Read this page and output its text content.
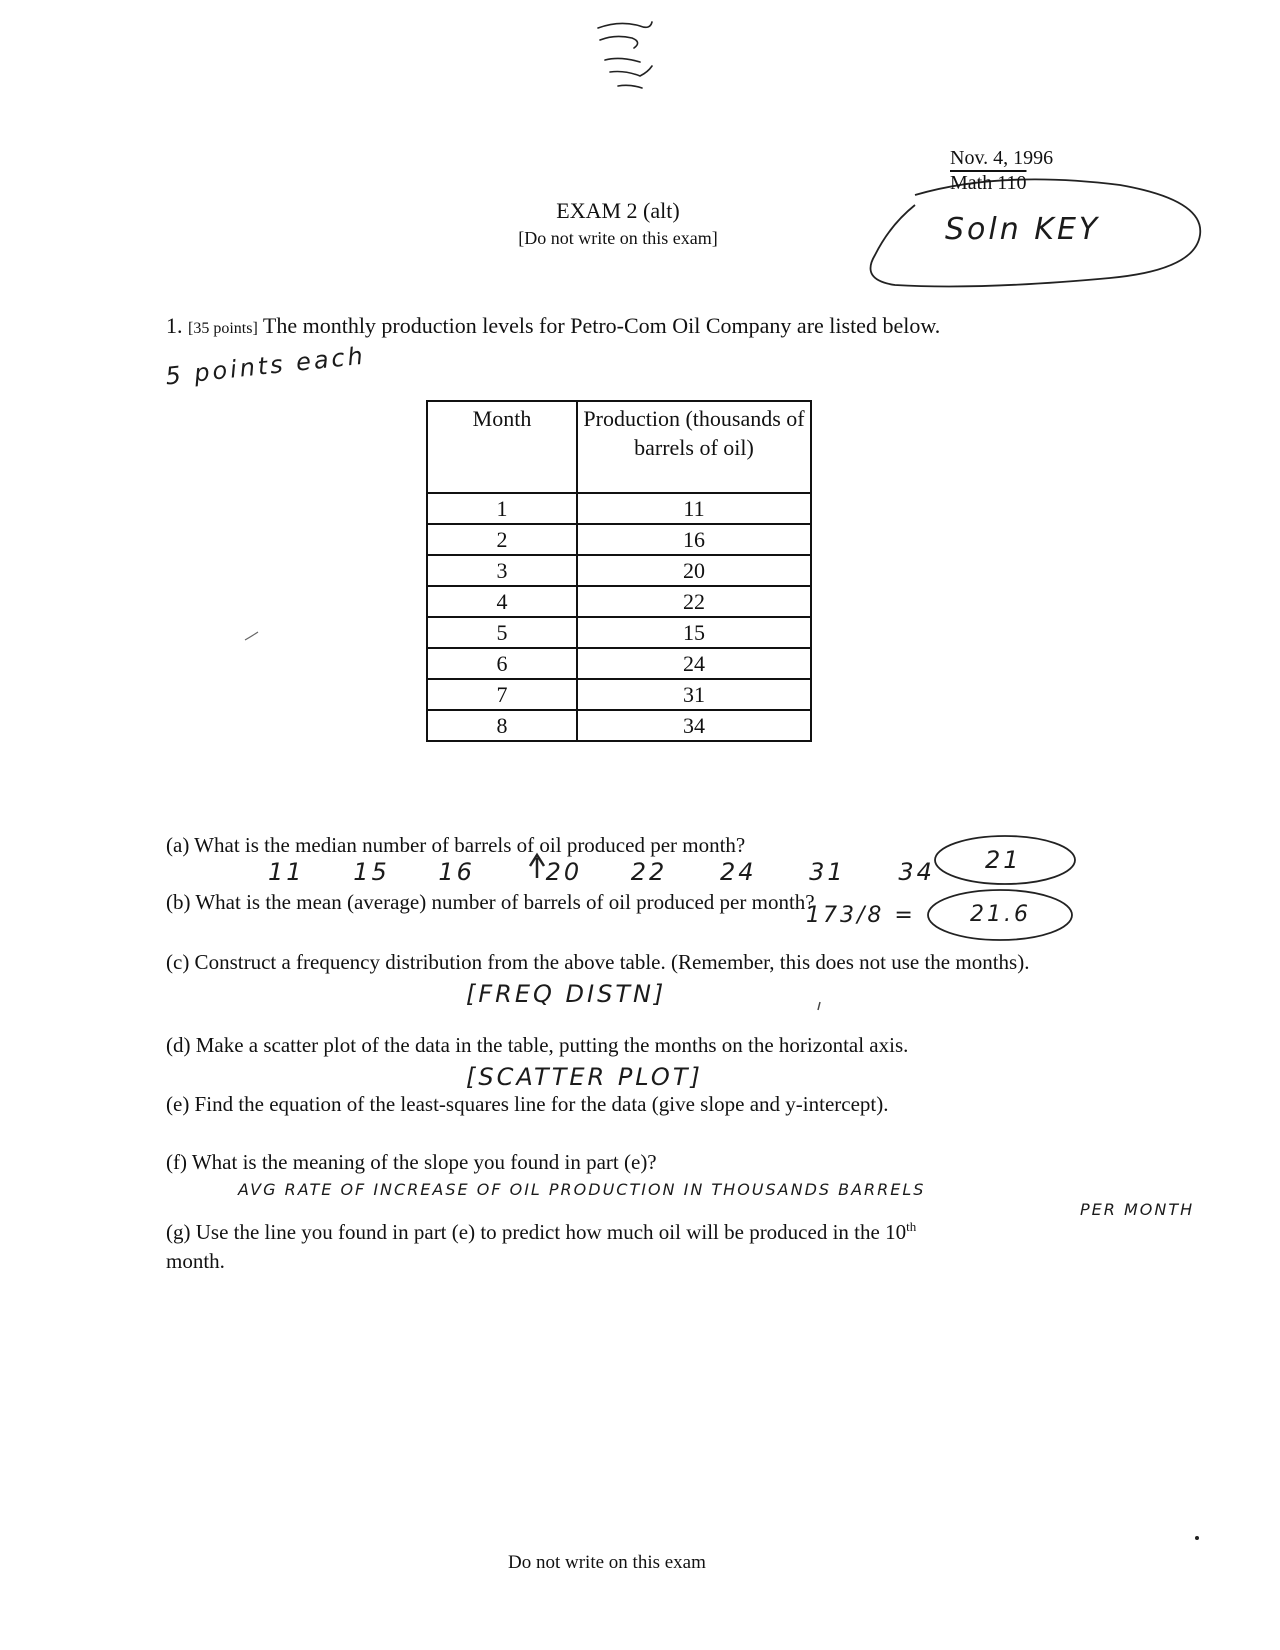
Nov. 4, 1996
Math 110
Soln KEY
EXAM 2 (alt)
[Do not write on this exam]
1. [35 points] The monthly production levels for Petro-Com Oil Company are listed below.
5 points each
Month	Production (thousands of barrels of oil)
1	11
2	16
3	20
4	22
5	15
6	24
7	31
8	34
(a) What is the median number of barrels of oil produced per month?
11 15 16	20 22 24 31 34 21
(b) What is the mean (average) number of barrels of oil produced per month?
173/8 = 21.6
(c) Construct a frequency distribution from the above table. (Remember, this does not use the months).
[FREQ DISTN]
(d) Make a scatter plot of the data in the table, putting the months on the horizontal axis.
[SCATTER PLOT]
(e) Find the equation of the least-squares line for the data (give slope and y-intercept).
(f) What is the meaning of the slope you found in part (e)?
AVG RATE OF INCREASE OF OIL PRODUCTION IN THOUSANDS BARRELS
PER MONTH
(g) Use the line you found in part (e) to predict how much oil will be produced in the 10th
month.
Do not write on this exam
